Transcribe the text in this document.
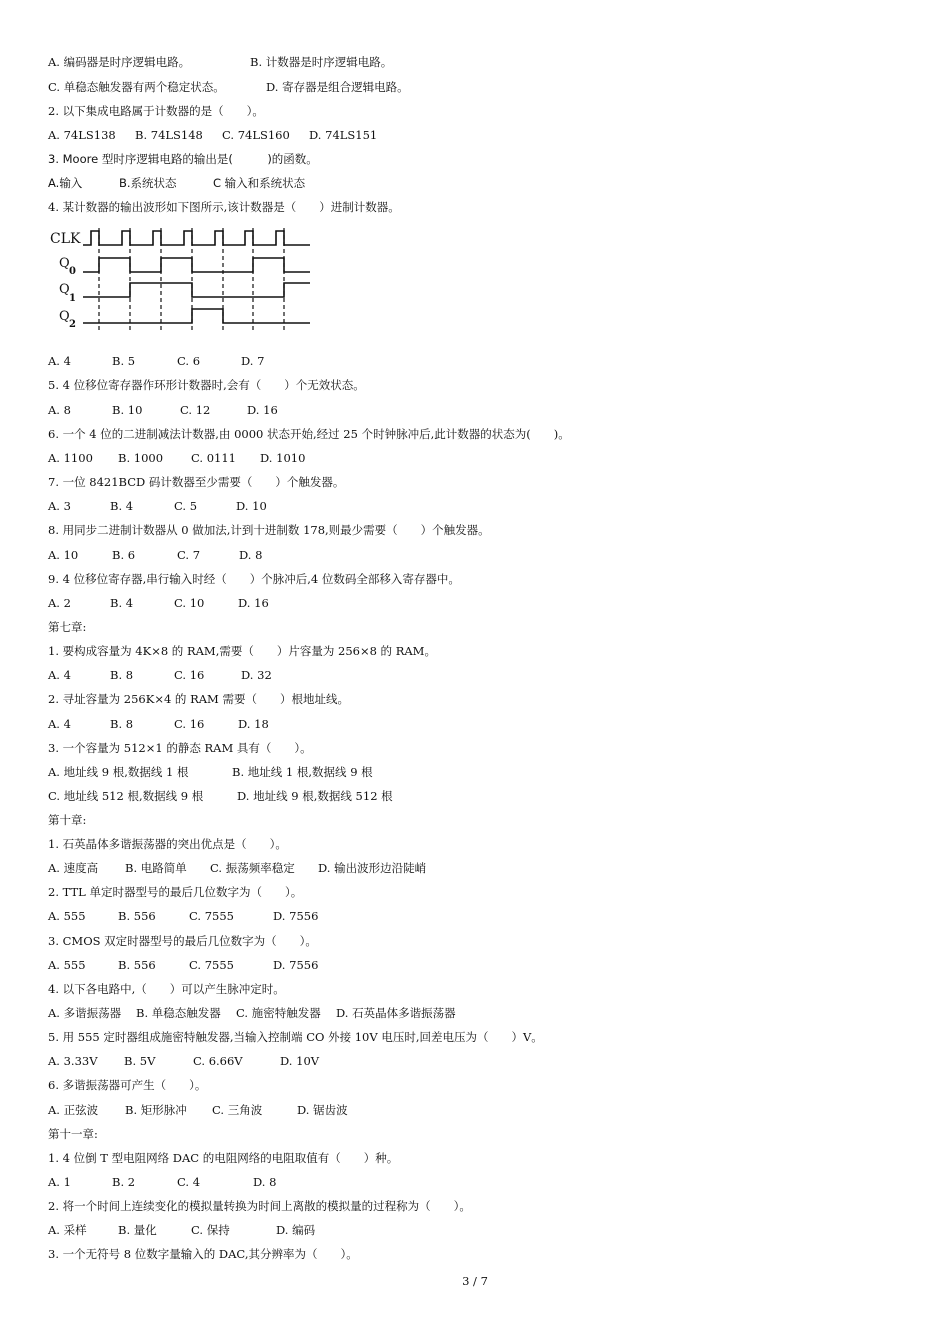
A. 编码器是时序逻辑电路。	B. 计数器是时序逻辑电路。
C. 单稳态触发器有两个稳定状态。	D. 寄存器是组合逻辑电路。
2. 以下集成电路属于计数器的是（　　）。
A. 74LS138 B. 74LS148 C. 74LS160 D. 74LS151
3. Moore 型时序逻辑电路的输出是(　　　)的函数。
A.输入	B.系统状态	C 输入和系统状态
4. 某计数器的输出波形如下图所示,该计数器是（　　）进制计数器。
A. 4	B. 5	C. 6	D. 7
5. 4 位移位寄存器作环形计数器时,会有（　　）个无效状态。
A. 8	B. 10	C. 12	D. 16
6. 一个 4 位的二进制减法计数器,由 0000 状态开始,经过 25 个时钟脉冲后,此计数器的状态为(　　)。
A. 1100 B. 1000 C. 0111 D. 1010
7. 一位 8421BCD 码计数器至少需要（　　）个触发器。
A. 3	B. 4	C. 5	D. 10
8. 用同步二进制计数器从 0 做加法,计到十进制数 178,则最少需要（　　）个触发器。
A. 10	B. 6	C. 7	D. 8
9. 4 位移位寄存器,串行输入时经（　　）个脉冲后,4 位数码全部移入寄存器中。
A. 2	B. 4	C. 10	D. 16
第七章:
1. 要构成容量为 4K×8 的 RAM,需要（　　）片容量为 256×8 的 RAM。
A. 4	B. 8	C. 16	D. 32
2. 寻址容量为 256K×4 的 RAM 需要（　　）根地址线。
A. 4	B. 8	C. 16	D. 18
3. 一个容量为 512×1 的静态 RAM 具有（　　）。
A. 地址线 9 根,数据线 1 根	B. 地址线 1 根,数据线 9 根
C. 地址线 512 根,数据线 9 根	D. 地址线 9 根,数据线 512 根
第十章:
1. 石英晶体多谐振荡器的突出优点是（　　）。
A. 速度高 B. 电路简单 C. 振荡频率稳定 D. 输出波形边沿陡峭
2. TTL 单定时器型号的最后几位数字为（　　）。
A. 555	B. 556	C. 7555	D. 7556
3. CMOS 双定时器型号的最后几位数字为（　　）。
A. 555	B. 556	C. 7555	D. 7556
4. 以下各电路中,（　　）可以产生脉冲定时。
A. 多谐振荡器 B. 单稳态触发器 C. 施密特触发器 D. 石英晶体多谐振荡器
5. 用 555 定时器组成施密特触发器,当输入控制端 CO 外接 10V 电压时,回差电压为（　　）V。
A. 3.33V B. 5V	C. 6.66V	D. 10V
6. 多谐振荡器可产生（　　）。
A. 正弦波 B. 矩形脉冲 C. 三角波	D. 锯齿波
第十一章:
1. 4 位倒 T 型电阻网络 DAC 的电阻网络的电阻取值有（　　）种。
A. 1	B. 2	C. 4	D. 8
2. 将一个时间上连续变化的模拟量转换为时间上离散的模拟量的过程称为（　　）。
A. 采样	B. 量化	C. 保持	D. 编码
3. 一个无符号 8 位数字量输入的 DAC,其分辨率为（　　）。
CLK
Q
0
Q
1
Q
2
3 / 7
